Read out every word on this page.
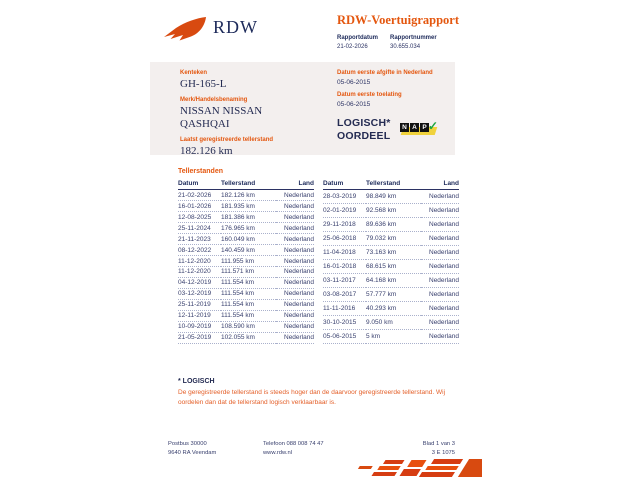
RDW	RDW-Voertuigrapport
Rapportdatum
21-02-2026
Rapportnummer
30.655.034
Kenteken
GH-165-L
Merk/Handelsbenaming
NISSAN NISSAN
QASHQAI
Laatst geregistreerde tellerstand
182.126 km
Datum eerste afgifte in Nederland
05-06-2015
Datum eerste toelating
05-06-2015
LOGISCH*
OORDEEL
N A P ✓
Tellerstanden
Datum	Tellerstand	Land
21-02-2026	182.126 km	Nederland
16-01-2026	181.935 km	Nederland
12-08-2025	181.386 km	Nederland
25-11-2024	176.965 km	Nederland
21-11-2023	160.049 km	Nederland
08-12-2022	140.459 km	Nederland
11-12-2020	111.955 km	Nederland
11-12-2020	111.571 km	Nederland
04-12-2019	111.554 km	Nederland
03-12-2019	111.554 km	Nederland
25-11-2019	111.554 km	Nederland
12-11-2019	111.554 km	Nederland
10-09-2019	108.590 km	Nederland
21-05-2019	102.055 km	Nederland
Datum	Tellerstand	Land
28-03-2019	98.849 km	Nederland
02-01-2019	92.568 km	Nederland
29-11-2018	89.636 km	Nederland
25-06-2018	79.032 km	Nederland
11-04-2018	73.163 km	Nederland
16-01-2018	68.615 km	Nederland
03-11-2017	64.168 km	Nederland
03-08-2017	57.777 km	Nederland
11-11-2016	40.293 km	Nederland
30-10-2015	9.050 km	Nederland
05-06-2015	5 km	Nederland
* LOGISCH
De geregistreerde tellerstand is steeds hoger dan de daarvoor geregistreerde tellerstand. Wij oordelen dan dat de tellerstand logisch verklaarbaar is.
Postbus 30000
9640 RA Veendam
Telefoon 088 008 74 47
www.rdw.nl
Blad 1 van 3
3 E 1075
